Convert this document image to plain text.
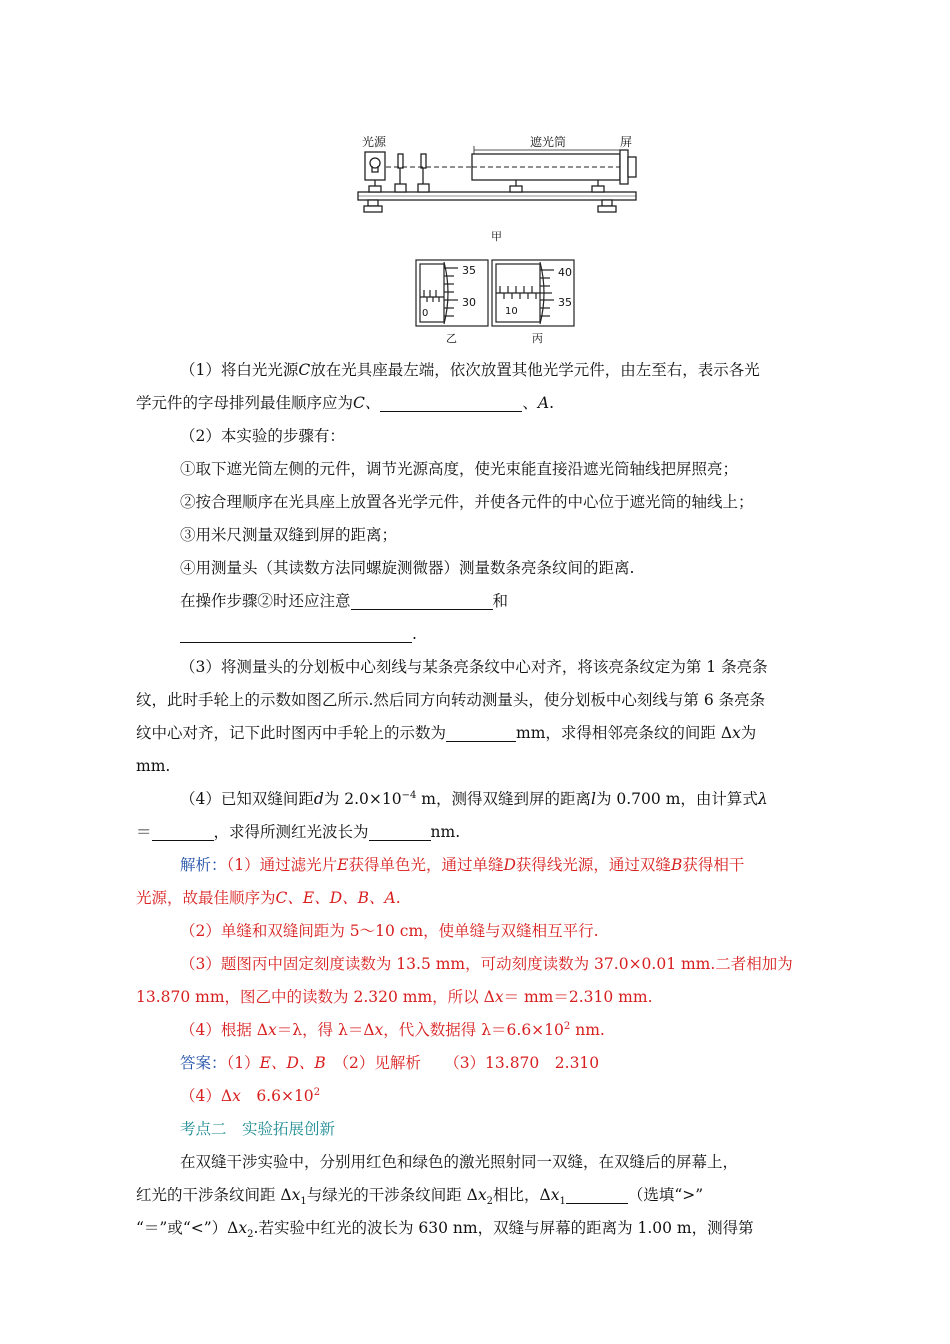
光源	遮光筒	屏
甲
35
30
0
乙
40
35
10
丙
（1）将白光光源C放在光具座最左端，依次放置其他光学元件，由左至右，表示各光
学元件的字母排列最佳顺序应为C、	、A.
（2）本实验的步骤有：
①取下遮光筒左侧的元件，调节光源高度，使光束能直接沿遮光筒轴线把屏照亮；
②按合理顺序在光具座上放置各光学元件，并使各元件的中心位于遮光筒的轴线上；
③用米尺测量双缝到屏的距离；
④用测量头（其读数方法同螺旋测微器）测量数条亮条纹间的距离.
在操作步骤②时还应注意	和
.
（3）将测量头的分划板中心刻线与某条亮条纹中心对齐，将该亮条纹定为第 1 条亮条
纹，此时手轮上的示数如图乙所示.然后同方向转动测量头，使分划板中心刻线与第 6 条亮条
纹中心对齐，记下此时图丙中手轮上的示数为	mm，求得相邻亮条纹的间距 Δx为
mm.
（4）已知双缝间距d为 $2.0\times 10^{-4}$ m，测得双缝到屏的距离l为 0.700 m，由计算式λ
＝	，求得所测红光波长为	nm.
解析：（1）通过滤光片E获得单色光，通过单缝D获得线光源，通过双缝B获得相干
光源，故最佳顺序为C、E、D、B、A.
（2）单缝和双缝间距为 5～10 cm，使单缝与双缝相互平行.
（3）题图丙中固定刻度读数为 13.5 mm，可动刻度读数为 37.0×0.01 mm.二者相加为
13.870 mm，图乙中的读数为 2.320 mm，所以 Δx＝ mm＝2.310 mm.
（4）根据 Δx＝λ，得 λ＝Δx，代入数据得 $\lambda=6.6\times 10^2$ nm.
答案：（1）E、D、B　 （2）见解析　　 （3）13.870　2.310
（4）Δx　$6.6\times 10^2$
考点二　实验拓展创新
在双缝干涉实验中，分别用红色和绿色的激光照射同一双缝，在双缝后的屏幕上，
红光的干涉条纹间距 $\Delta x_1$与绿光的干涉条纹间距 $\Delta x_2$相比，$\Delta x_1$	（选填“>”
“＝”或“$<”)\Delta x_2$.若实验中红光的波长为 630 nm，双缝与屏幕的距离为 1.00 m，测得第
